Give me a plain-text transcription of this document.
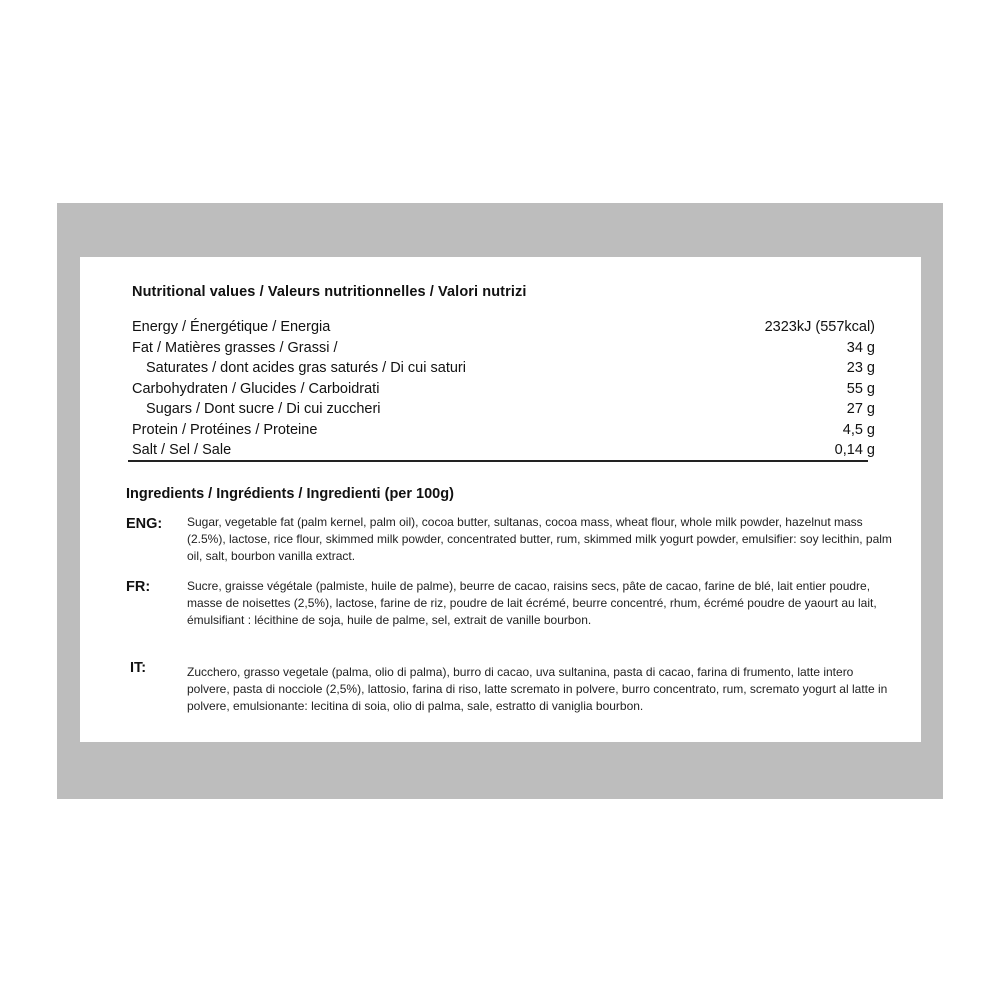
Nutritional values / Valeurs nutritionnelles / Valori nutrizi
Energy / Énergétique / Energia	2323kJ (557kcal)
Fat / Matières grasses / Grassi /	34 g
Saturates / dont acides gras saturés / Di cui saturi	23 g
Carbohydraten / Glucides / Carboidrati	55 g
Sugars / Dont sucre / Di cui zuccheri	27 g
Protein / Protéines / Proteine	4,5 g
Salt / Sel / Sale	0,14 g
Ingredients / Ingrédients / Ingredienti (per 100g)
ENG: Sugar, vegetable fat (palm kernel, palm oil), cocoa butter, sultanas, cocoa mass, wheat flour, whole milk powder, hazelnut mass (2.5%), lactose, rice flour, skimmed milk powder, concentrated butter, rum, skimmed milk yogurt powder, emulsifier: soy lecithin, palm oil, salt, bourbon vanilla extract.
FR:	Sucre, graisse végétale (palmiste, huile de palme), beurre de cacao, raisins secs, pâte de cacao, farine de blé, lait entier poudre, masse de noisettes (2,5%), lactose, farine de riz, poudre de lait écrémé, beurre concentré, rhum, écrémé poudre de yaourt au lait, émulsifiant : lécithine de soja, huile de palme, sel, extrait de vanille bourbon.
IT:	Zucchero, grasso vegetale (palma, olio di palma), burro di cacao, uva sultanina, pasta di cacao, farina di frumento, latte intero polvere, pasta di nocciole (2,5%), lattosio, farina di riso, latte scremato in polvere, burro concentrato, rum, scremato yogurt al latte in polvere, emulsionante: lecitina di soia, olio di palma, sale, estratto di vaniglia bourbon.
